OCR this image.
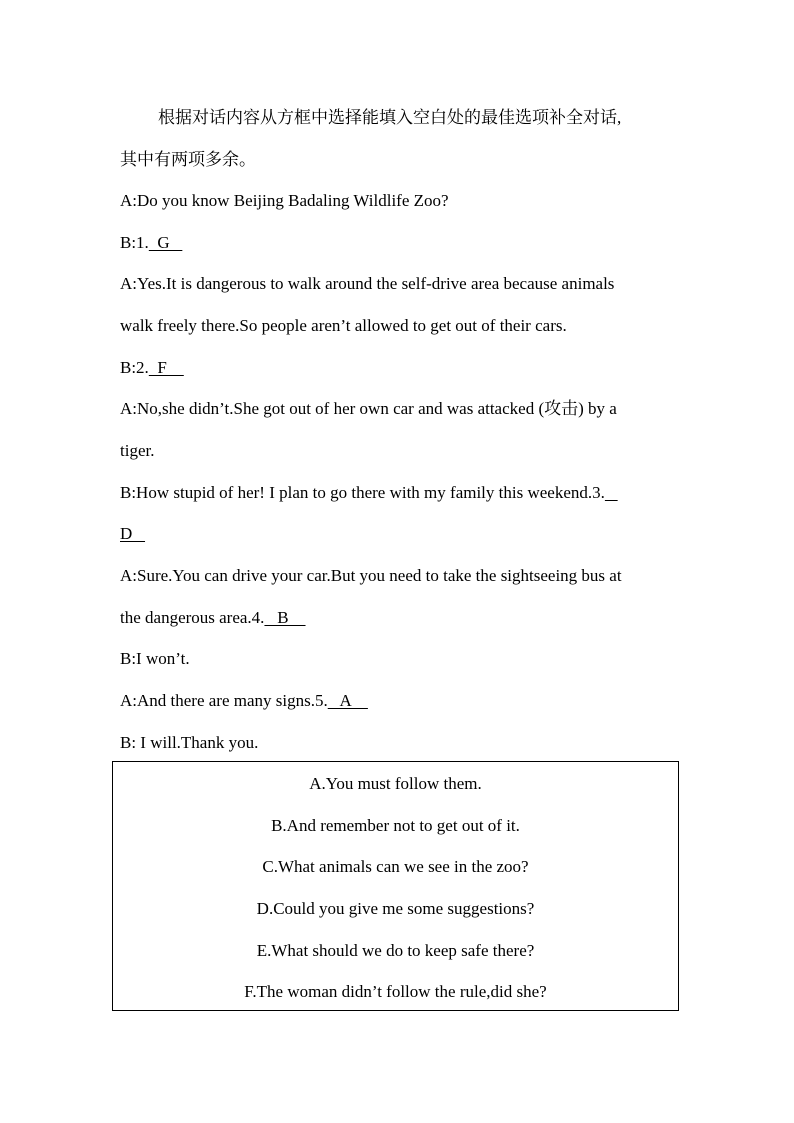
根据对话内容从方框中选择能填入空白处的最佳选项补全对话,
其中有两项多余。
A:Do you know Beijing Badaling Wildlife Zoo?
B:1.  G
A:Yes.It is dangerous to walk around the self-drive area because animals
walk freely there.So people aren’t allowed to get out of their cars.
B:2.  F
A:No,she didn’t.She got out of her own car and was attacked (攻击) by a
tiger.
B:How stupid of her! I plan to go there with my family this weekend.3.
D
A:Sure.You can drive your car.But you need to take the sightseeing bus at
the dangerous area.4.   B
B:I won’t.
A:And there are many signs.5.   A
B: I will.Thank you.
A.You must follow them.
B.And remember not to get out of it.
C.What animals can we see in the zoo?
D.Could you give me some suggestions?
E.What should we do to keep safe there?
F.The woman didn’t follow the rule,did she?
